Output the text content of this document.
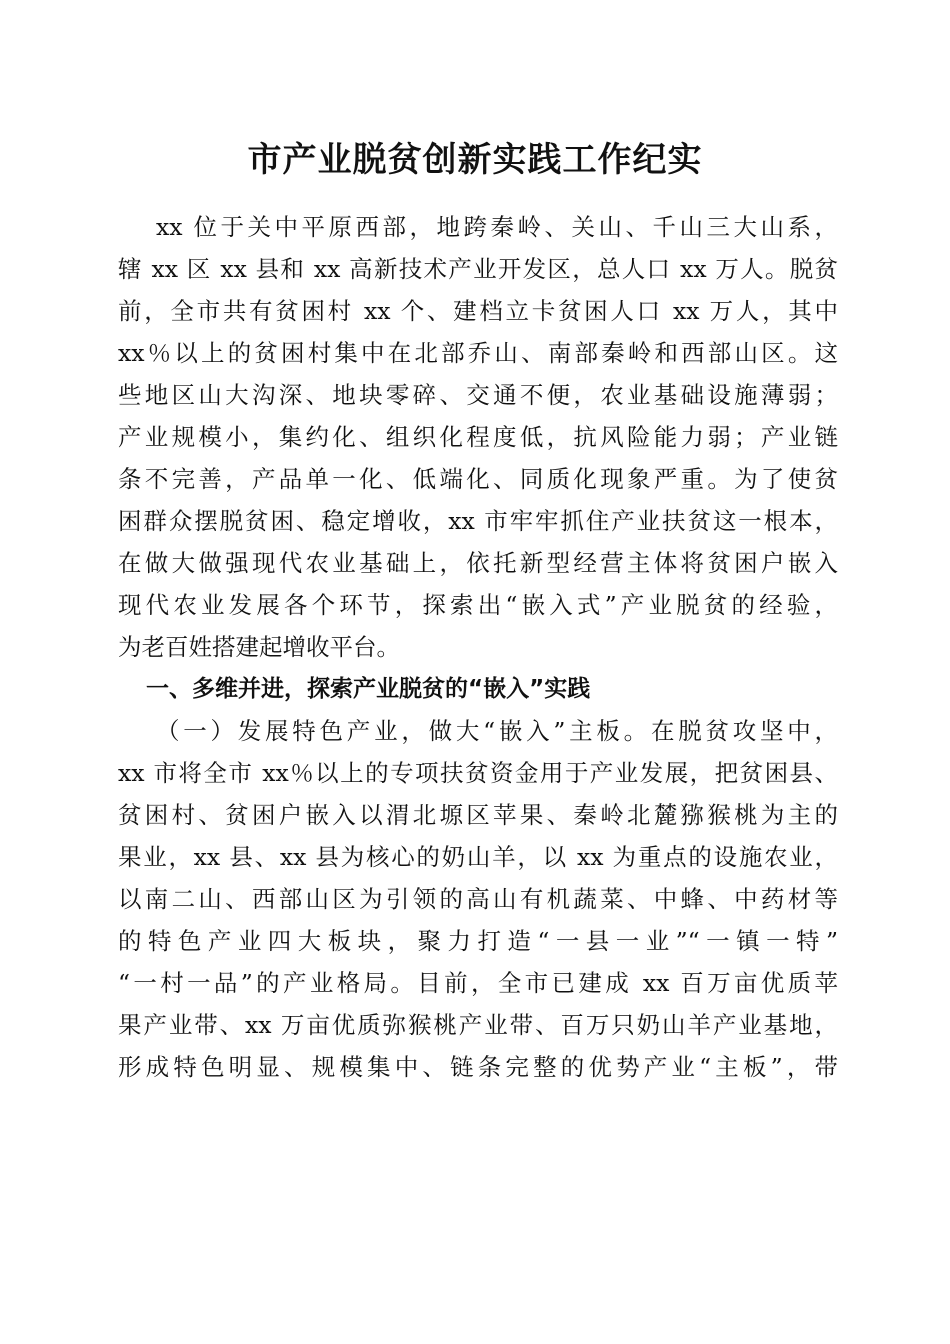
市产业脱贫创新实践工作纪实
xx 位于关中平原西部，地跨秦岭、关山、千山三大山系，
辖 xx 区 xx 县和 xx 高新技术产业开发区，总人口 xx 万人。脱贫
前，全市共有贫困村 xx 个、建档立卡贫困人口 xx 万人，其中
xx％以上的贫困村集中在北部乔山、南部秦岭和西部山区。这
些地区山大沟深、地块零碎、交通不便，农业基础设施薄弱；
产业规模小，集约化、组织化程度低，抗风险能力弱；产业链
条不完善，产品单一化、低端化、同质化现象严重。为了使贫
困群众摆脱贫困、稳定增收，xx 市牢牢抓住产业扶贫这一根本，
在做大做强现代农业基础上，依托新型经营主体将贫困户嵌入
现代农业发展各个环节，探索出“嵌入式”产业脱贫的经验，
为老百姓搭建起增收平台。
一、多维并进，探索产业脱贫的“嵌入”实践
（一）发展特色产业，做大“嵌入”主板。在脱贫攻坚中，
xx 市将全市 xx％以上的专项扶贫资金用于产业发展，把贫困县、
贫困村、贫困户嵌入以渭北塬区苹果、秦岭北麓猕猴桃为主的
果业，xx 县、xx 县为核心的奶山羊，以 xx 为重点的设施农业，
以南二山、西部山区为引领的高山有机蔬菜、中蜂、中药材等
的特色产业四大板块，聚力打造“一县一业”“一镇一特”
“一村一品”的产业格局。目前，全市已建成 xx 百万亩优质苹
果产业带、xx 万亩优质弥猴桃产业带、百万只奶山羊产业基地，
形成特色明显、规模集中、链条完整的优势产业“主板”，带
